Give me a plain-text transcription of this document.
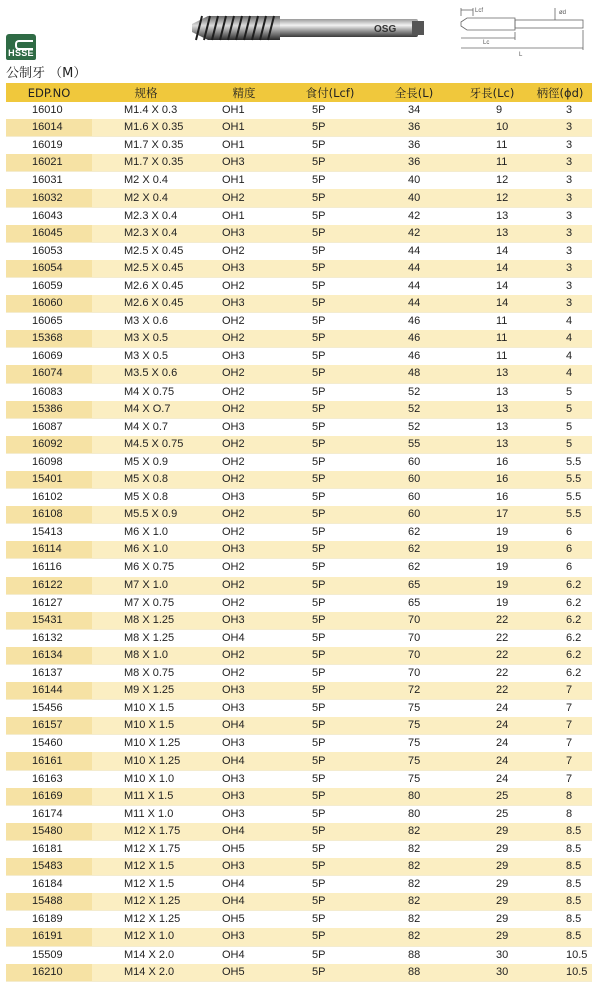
HSSE
OSG
Lcf
Lc
L
ød
公制牙 （M）
EDP.NO	规格	精度	食付(Lcf)	全長(L)	牙長(Lc)	柄徑(ϕd)
16010	M1.4 X 0.3	OH1	5P	34	9	3
16014	M1.6 X 0.35	OH1	5P	36	10	3
16019	M1.7 X 0.35	OH1	5P	36	11	3
16021	M1.7 X 0.35	OH3	5P	36	11	3
16031	M2 X 0.4	OH1	5P	40	12	3
16032	M2 X 0.4	OH2	5P	40	12	3
16043	M2.3 X 0.4	OH1	5P	42	13	3
16045	M2.3 X 0.4	OH3	5P	42	13	3
16053	M2.5 X 0.45	OH2	5P	44	14	3
16054	M2.5 X 0.45	OH3	5P	44	14	3
16059	M2.6 X 0.45	OH2	5P	44	14	3
16060	M2.6 X 0.45	OH3	5P	44	14	3
16065	M3 X 0.6	OH2	5P	46	11	4
15368	M3 X 0.5	OH2	5P	46	11	4
16069	M3 X 0.5	OH3	5P	46	11	4
16074	M3.5 X 0.6	OH2	5P	48	13	4
16083	M4 X 0.75	OH2	5P	52	13	5
15386	M4 X O.7	OH2	5P	52	13	5
16087	M4 X 0.7	OH3	5P	52	13	5
16092	M4.5 X 0.75	OH2	5P	55	13	5
16098	M5 X 0.9	OH2	5P	60	16	5.5
15401	M5 X 0.8	OH2	5P	60	16	5.5
16102	M5 X 0.8	OH3	5P	60	16	5.5
16108	M5.5 X 0.9	OH2	5P	60	17	5.5
15413	M6 X 1.0	OH2	5P	62	19	6
16114	M6 X 1.0	OH3	5P	62	19	6
16116	M6 X 0.75	OH2	5P	62	19	6
16122	M7 X 1.0	OH2	5P	65	19	6.2
16127	M7 X 0.75	OH2	5P	65	19	6.2
15431	M8 X 1.25	OH3	5P	70	22	6.2
16132	M8 X 1.25	OH4	5P	70	22	6.2
16134	M8 X 1.0	OH2	5P	70	22	6.2
16137	M8 X 0.75	OH2	5P	70	22	6.2
16144	M9 X 1.25	OH3	5P	72	22	7
15456	M10 X 1.5	OH3	5P	75	24	7
16157	M10 X 1.5	OH4	5P	75	24	7
15460	M10 X 1.25	OH3	5P	75	24	7
16161	M10 X 1.25	OH4	5P	75	24	7
16163	M10 X 1.0	OH3	5P	75	24	7
16169	M11 X 1.5	OH3	5P	80	25	8
16174	M11 X 1.0	OH3	5P	80	25	8
15480	M12 X 1.75	OH4	5P	82	29	8.5
16181	M12 X 1.75	OH5	5P	82	29	8.5
15483	M12 X 1.5	OH3	5P	82	29	8.5
16184	M12 X 1.5	OH4	5P	82	29	8.5
15488	M12 X 1.25	OH4	5P	82	29	8.5
16189	M12 X 1.25	OH5	5P	82	29	8.5
16191	M12 X 1.0	OH3	5P	82	29	8.5
15509	M14 X 2.0	OH4	5P	88	30	10.5
16210	M14 X 2.0	OH5	5P	88	30	10.5
